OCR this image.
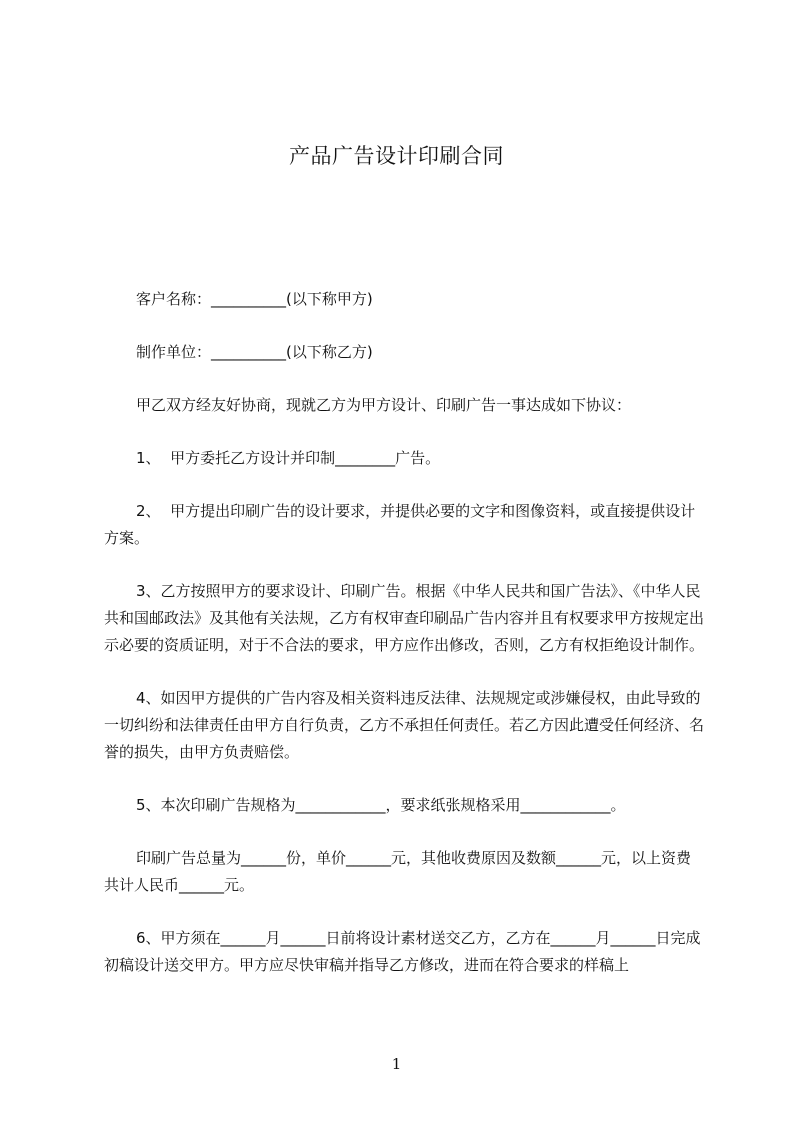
产品广告设计印刷合同

客户名称：__________(以下称甲方)

制作单位：__________(以下称乙方)

甲乙双方经友好协商，现就乙方为甲方设计、印刷广告一事达成如下协议：

1、  甲方委托乙方设计并印制________广告。

2、  甲方提出印刷广告的设计要求，并提供必要的文字和图像资料，或直接提供设计方案。

3、乙方按照甲方的要求设计、印刷广告。根据《中华人民共和国广告法》、《中华人民共和国邮政法》及其他有关法规，乙方有权审查印刷品广告内容并且有权要求甲方按规定出示必要的资质证明，对于不合法的要求，甲方应作出修改，否则，乙方有权拒绝设计制作。

4、如因甲方提供的广告内容及相关资料违反法律、法规规定或涉嫌侵权，由此导致的一切纠纷和法律责任由甲方自行负责，乙方不承担任何责任。若乙方因此遭受任何经济、名誉的损失，由甲方负责赔偿。

5、本次印刷广告规格为____________，要求纸张规格采用____________。

印刷广告总量为______份，单价______元，其他收费原因及数额______元，以上资费共计人民币______元。

6、甲方须在______月______日前将设计素材送交乙方，乙方在______月______日完成初稿设计送交甲方。甲方应尽快审稿并指导乙方修改，进而在符合要求的样稿上

1
